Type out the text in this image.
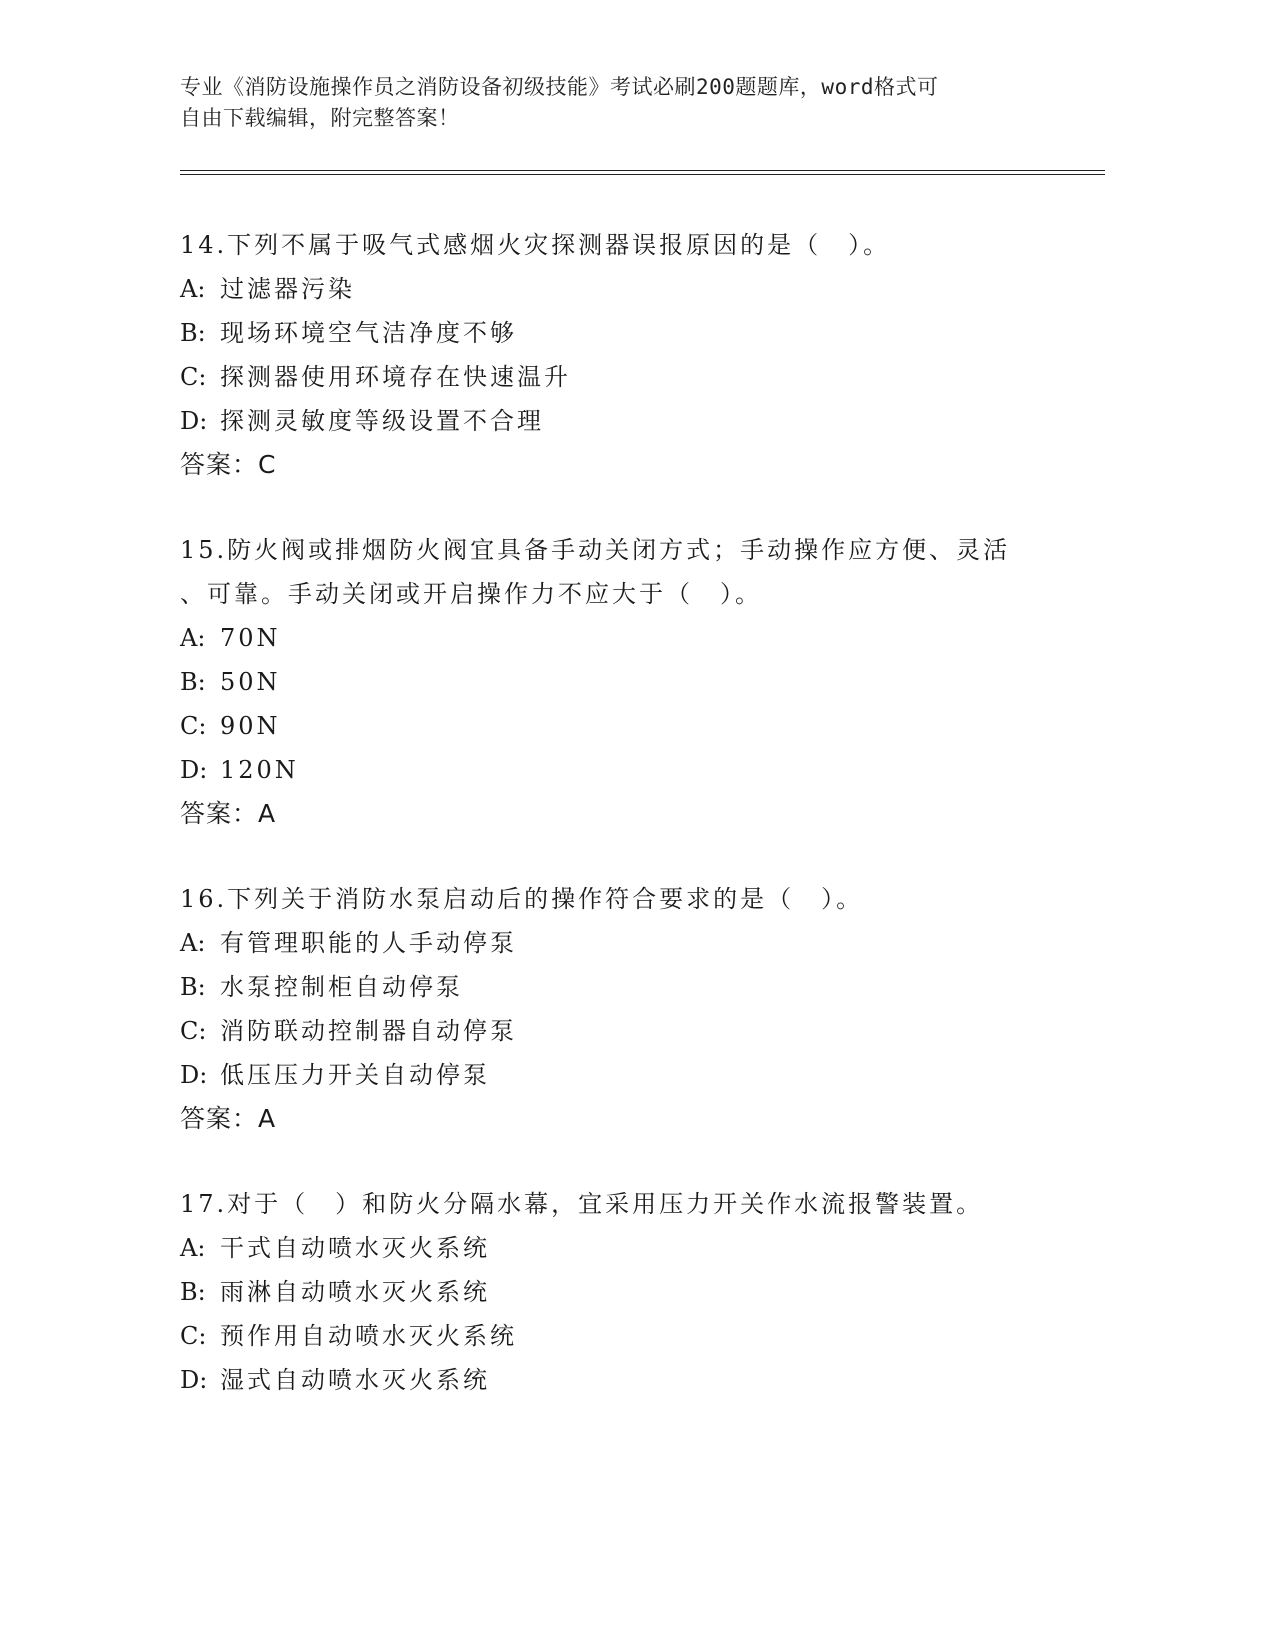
专业《消防设施操作员之消防设备初级技能》考试必刷200题题库，word格式可
自由下载编辑，附完整答案！

14.下列不属于吸气式感烟火灾探测器误报原因的是（　）。

A: 过滤器污染

B: 现场环境空气洁净度不够

C: 探测器使用环境存在快速温升

D: 探测灵敏度等级设置不合理

答案：C

15.防火阀或排烟防火阀宜具备手动关闭方式；手动操作应方便、灵活

、可靠。手动关闭或开启操作力不应大于（　）。

A: 70N

B: 50N

C: 90N

D: 120N

答案：A

16.下列关于消防水泵启动后的操作符合要求的是（　）。

A: 有管理职能的人手动停泵

B: 水泵控制柜自动停泵

C: 消防联动控制器自动停泵

D: 低压压力开关自动停泵

答案：A

17.对于（　）和防火分隔水幕，宜采用压力开关作水流报警装置。

A: 干式自动喷水灭火系统

B: 雨淋自动喷水灭火系统

C: 预作用自动喷水灭火系统

D: 湿式自动喷水灭火系统
